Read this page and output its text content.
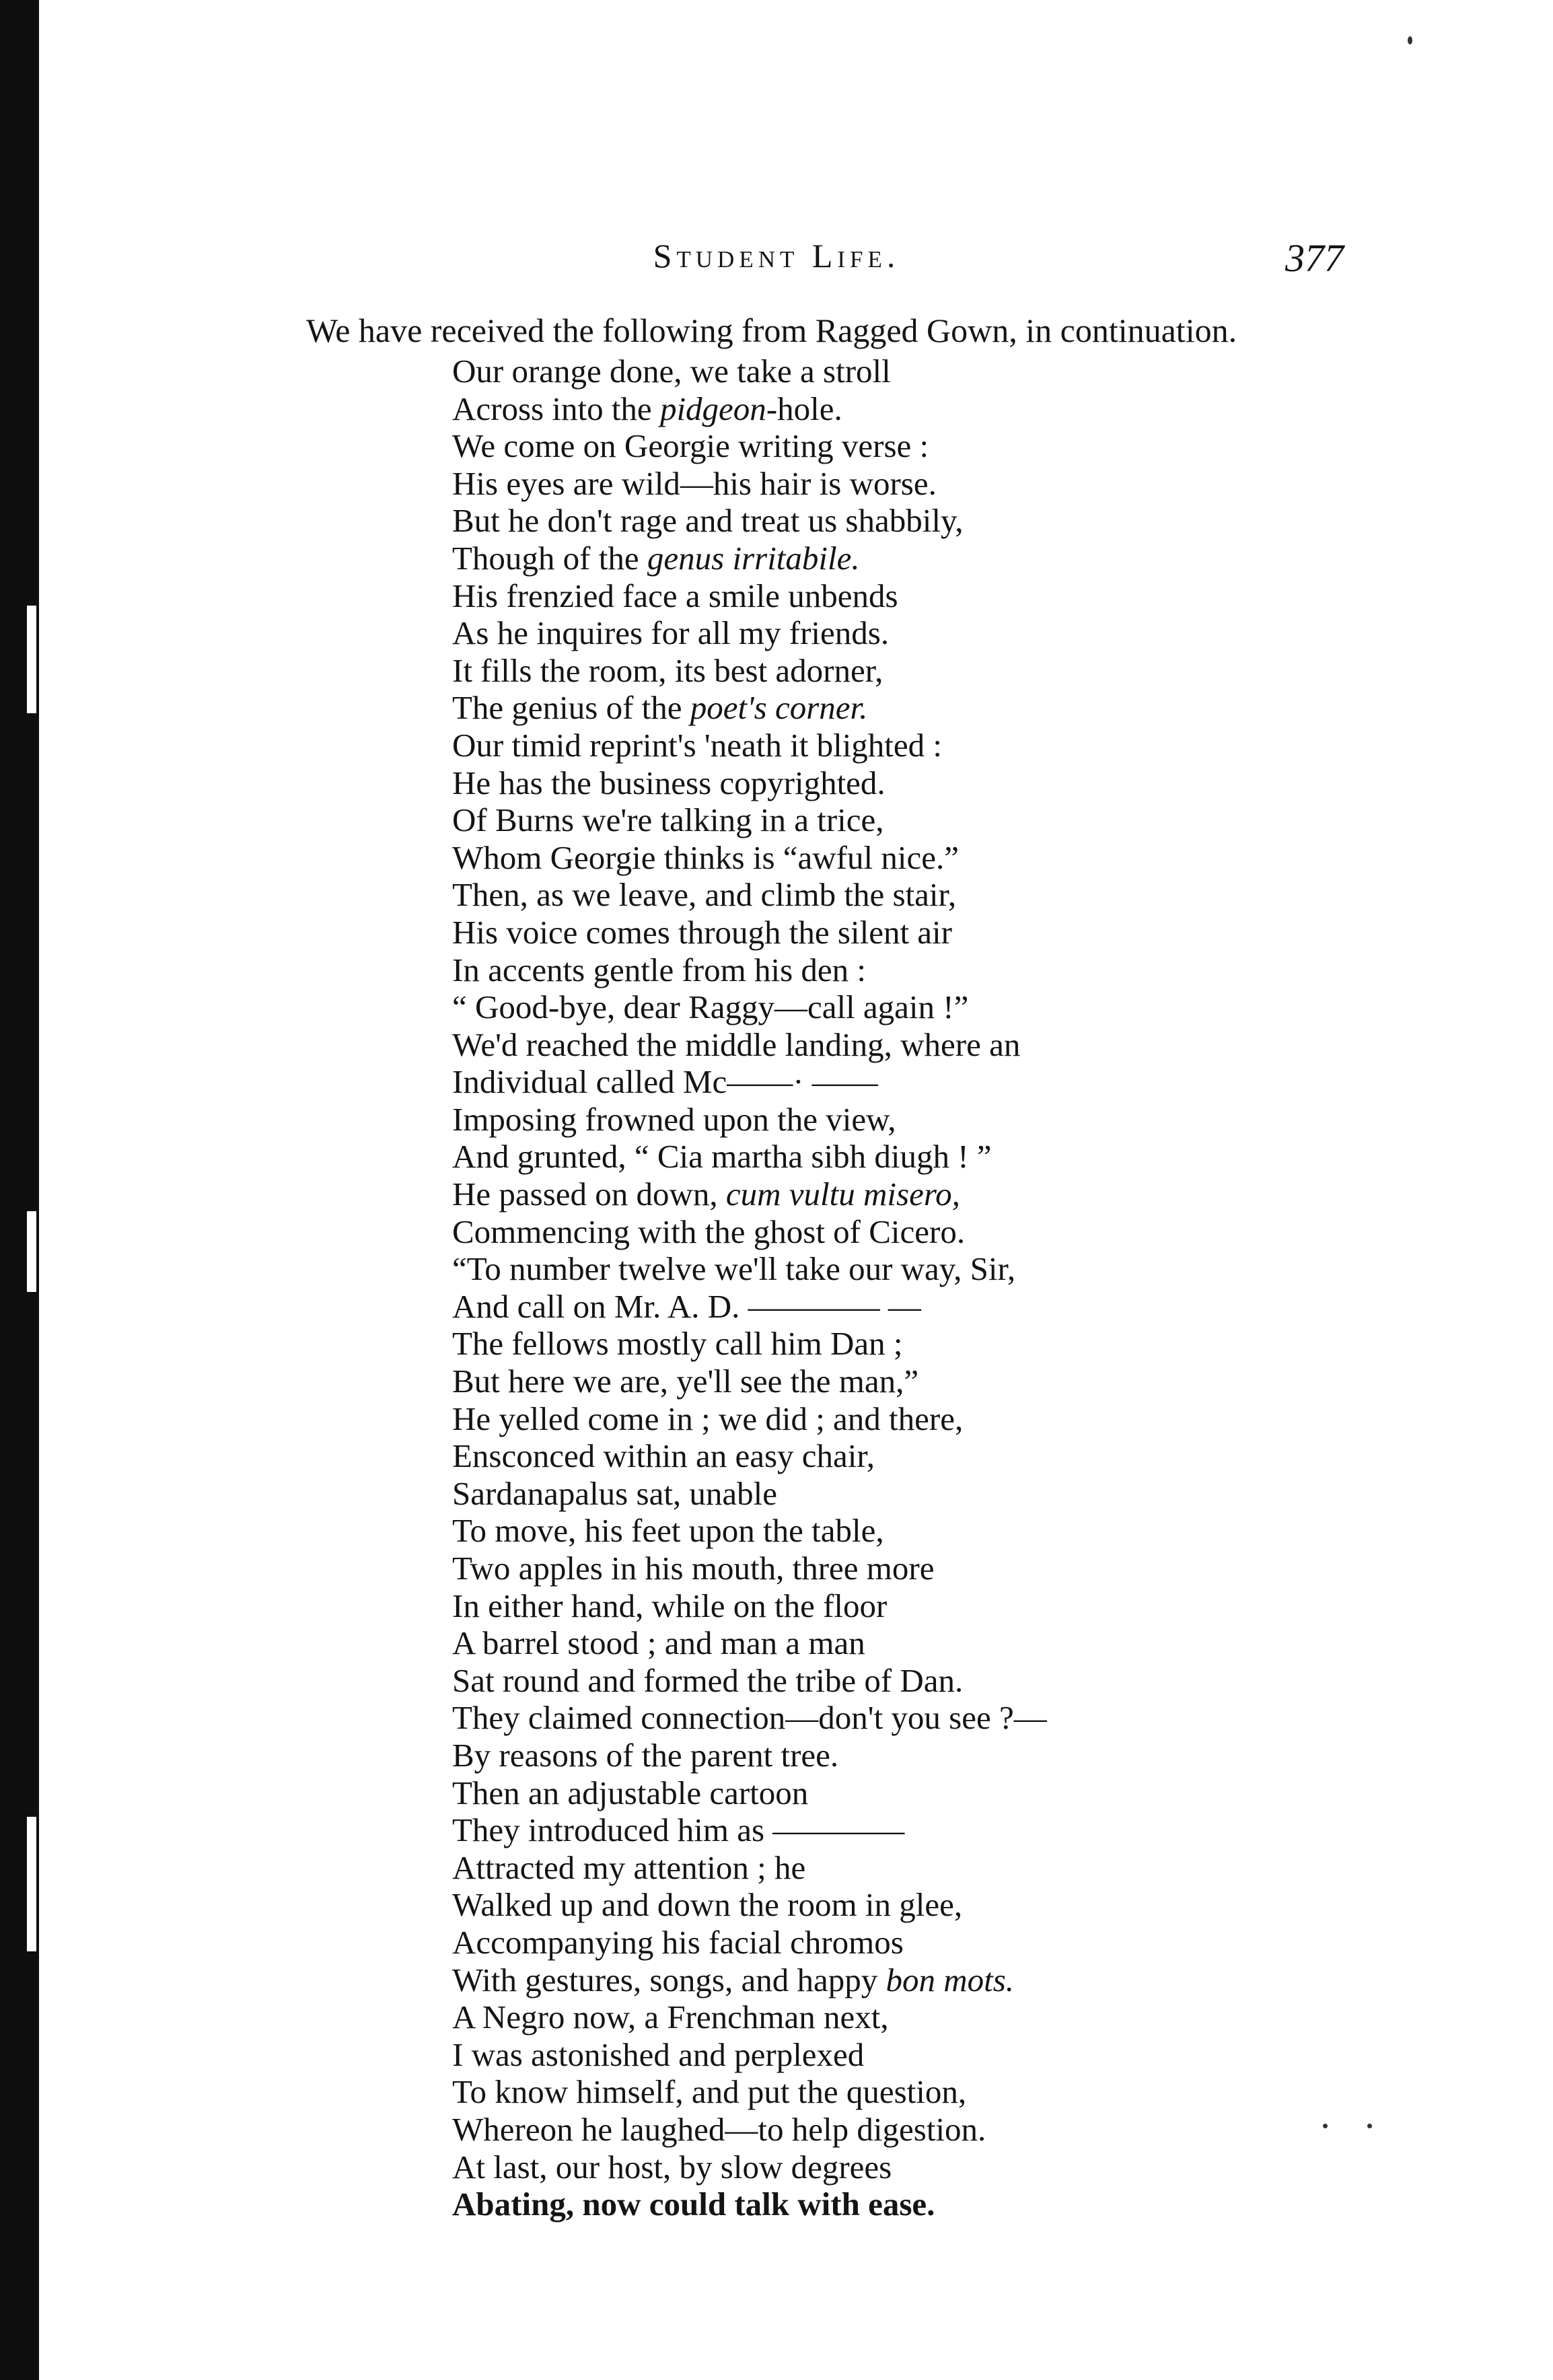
Student Life.	377
We have received the following from Ragged Gown, in continuation.
Our orange done, we take a stroll
Across into the pidgeon-hole.
We come on Georgie writing verse :
His eyes are wild—his hair is worse.
But he don't rage and treat us shabbily,
Though of the genus irritabile.
His frenzied face a smile unbends
As he inquires for all my friends.
It fills the room, its best adorner,
The genius of the poet's corner.
Our timid reprint's 'neath it blighted :
He has the business copyrighted.
Of Burns we're talking in a trice,
Whom Georgie thinks is “awful nice.”
Then, as we leave, and climb the stair,
His voice comes through the silent air
In accents gentle from his den :
“ Good-bye, dear Raggy—call again !”
We'd reached the middle landing, where an
Individual called Mc——· ——
Imposing frowned upon the view,
And grunted, “ Cia martha sibh diugh ! ”
He passed on down, cum vultu misero,
Commencing with the ghost of Cicero.
“To number twelve we'll take our way, Sir,
And call on Mr. A. D. ———— —
The fellows mostly call him Dan ;
But here we are, ye'll see the man,”
He yelled come in ; we did ; and there,
Ensconced within an easy chair,
Sardanapalus sat, unable
To move, his feet upon the table,
Two apples in his mouth, three more
In either hand, while on the floor
A barrel stood ; and man a man
Sat round and formed the tribe of Dan.
They claimed connection—don't you see ?—
By reasons of the parent tree.
Then an adjustable cartoon
They introduced him as ————
Attracted my attention ; he
Walked up and down the room in glee,
Accompanying his facial chromos
With gestures, songs, and happy bon mots.
A Negro now, a Frenchman next,
I was astonished and perplexed
To know himself, and put the question,
Whereon he laughed—to help digestion.
At last, our host, by slow degrees
Abating, now could talk with ease.
